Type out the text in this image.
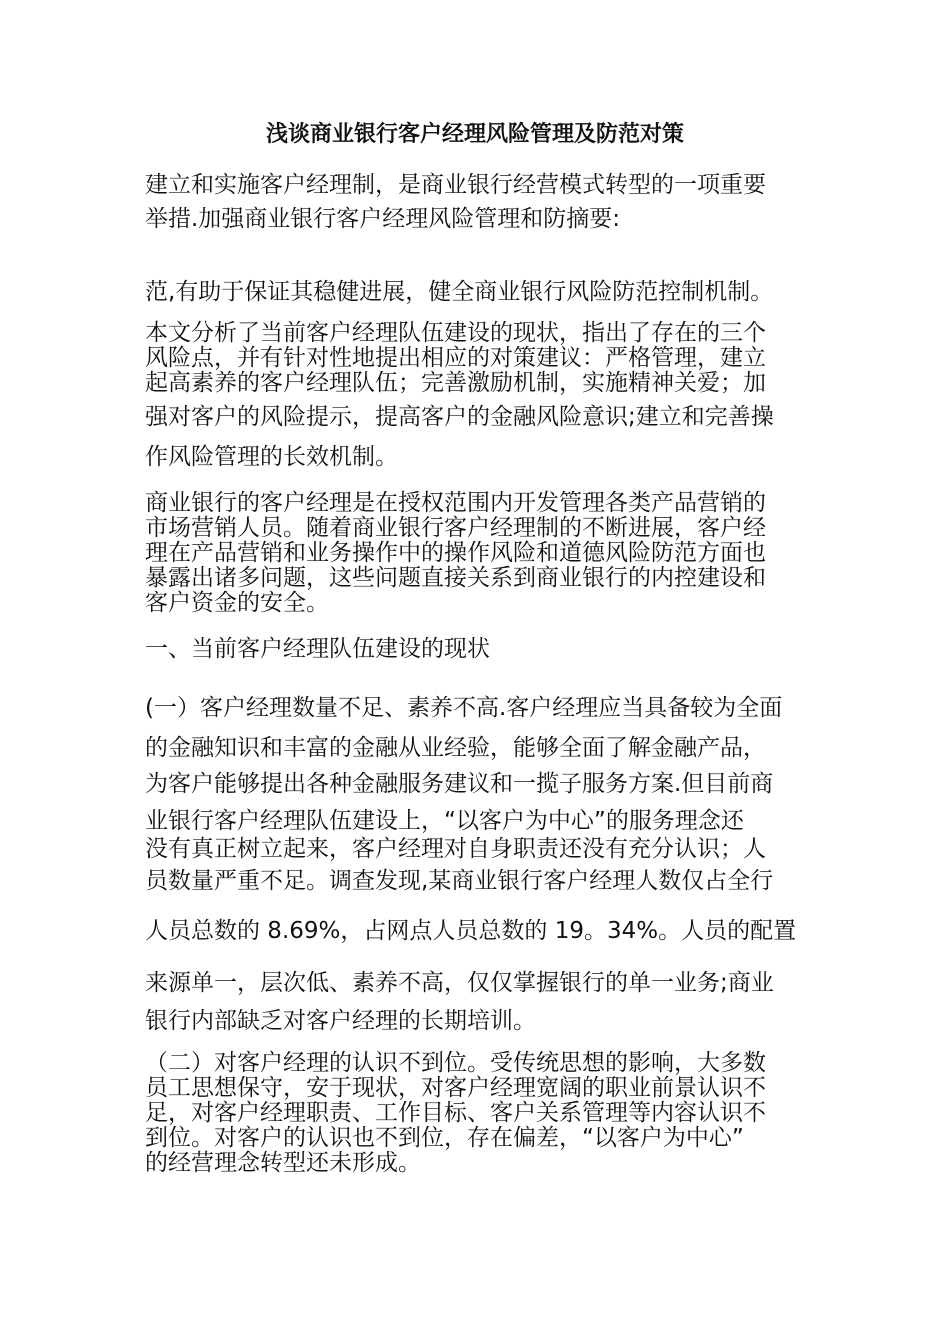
浅谈商业银行客户经理风险管理及防范对策
建立和实施客户经理制，是商业银行经营模式转型的一项重要
举措.加强商业银行客户经理风险管理和防摘要:
范,有助于保证其稳健进展，健全商业银行风险防范控制机制。
本文分析了当前客户经理队伍建设的现状，指出了存在的三个
风险点，并有针对性地提出相应的对策建议：严格管理，建立
起高素养的客户经理队伍；完善激励机制，实施精神关爱；加
强对客户的风险提示，提高客户的金融风险意识;建立和完善操
作风险管理的长效机制。
商业银行的客户经理是在授权范围内开发管理各类产品营销的
市场营销人员。随着商业银行客户经理制的不断进展，客户经
理在产品营销和业务操作中的操作风险和道德风险防范方面也
暴露出诸多问题，这些问题直接关系到商业银行的内控建设和
客户资金的安全。
一、当前客户经理队伍建设的现状
(一）客户经理数量不足、素养不高.客户经理应当具备较为全面
的金融知识和丰富的金融从业经验，能够全面了解金融产品，
为客户能够提出各种金融服务建议和一揽子服务方案.但目前商
业银行客户经理队伍建设上，“以客户为中心”的服务理念还
没有真正树立起来，客户经理对自身职责还没有充分认识；人
员数量严重不足。调查发现,某商业银行客户经理人数仅占全行
人员总数的 8.69%，占网点人员总数的 19。34%。人员的配置
来源单一，层次低、素养不高，仅仅掌握银行的单一业务;商业
银行内部缺乏对客户经理的长期培训。
（二）对客户经理的认识不到位。受传统思想的影响，大多数
员工思想保守，安于现状，对客户经理宽阔的职业前景认识不
足，对客户经理职责、工作目标、客户关系管理等内容认识不
到位。对客户的认识也不到位，存在偏差，“以客户为中心”
的经营理念转型还未形成。
